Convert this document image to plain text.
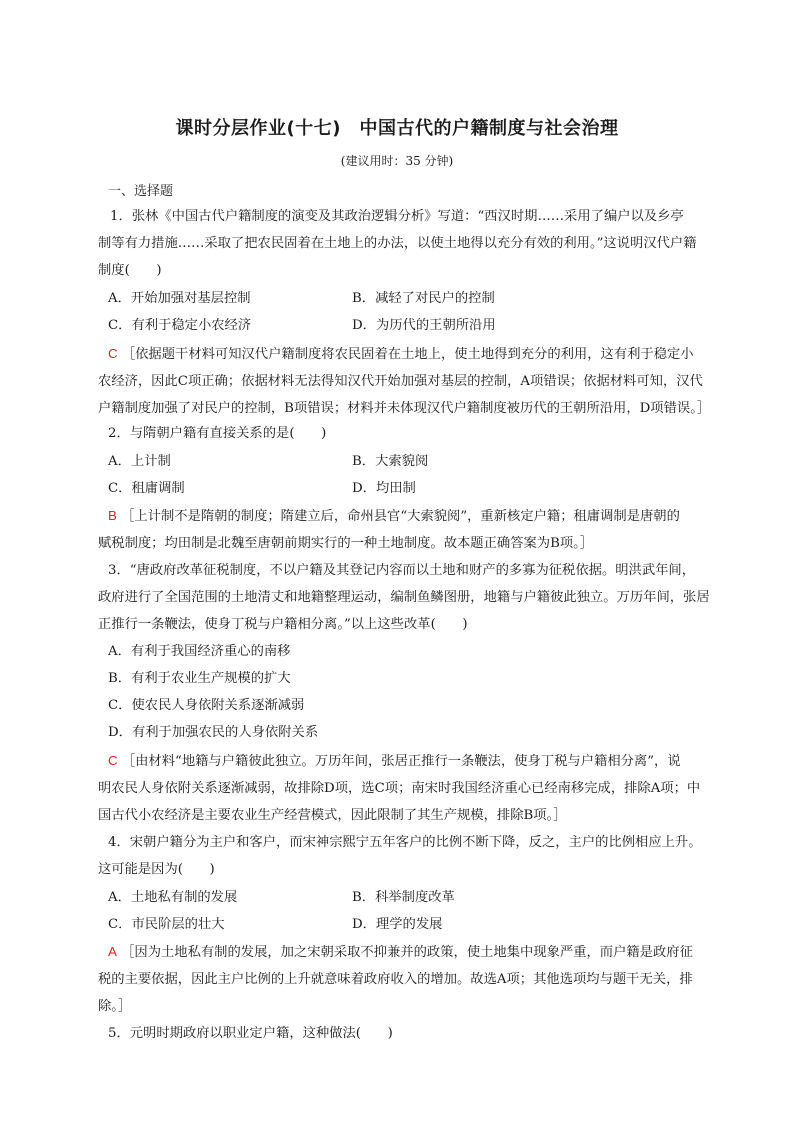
课时分层作业(十七)　中国古代的户籍制度与社会治理
(建议用时：35 分钟)
一、选择题
1．张林《中国古代户籍制度的演变及其政治逻辑分析》写道：“西汉时期……采用了编户以及乡亭
制等有力措施……采取了把农民固着在土地上的办法，以使土地得以充分有效的利用。”这说明汉代户籍
制度(　　)
A．开始加强对基层控制	B．减轻了对民户的控制
C．有利于稳定小农经济	D．为历代的王朝所沿用
C ［依据题干材料可知汉代户籍制度将农民固着在土地上，使土地得到充分的利用，这有利于稳定小
农经济，因此C项正确；依据材料无法得知汉代开始加强对基层的控制，A项错误；依据材料可知，汉代
户籍制度加强了对民户的控制，B项错误；材料并未体现汉代户籍制度被历代的王朝所沿用，D项错误。］
2．与隋朝户籍有直接关系的是(　　)
A．上计制	B．大索貌阅
C．租庸调制	D．均田制
B ［上计制不是隋朝的制度；隋建立后，命州县官“大索貌阅”，重新核定户籍；租庸调制是唐朝的
赋税制度；均田制是北魏至唐朝前期实行的一种土地制度。故本题正确答案为B项。］
3．“唐政府改革征税制度，不以户籍及其登记内容而以土地和财产的多寡为征税依据。明洪武年间，
政府进行了全国范围的土地清丈和地籍整理运动，编制鱼鳞图册，地籍与户籍彼此独立。万历年间，张居
正推行一条鞭法，使身丁税与户籍相分离。”以上这些改革(　　)
A．有利于我国经济重心的南移
B．有利于农业生产规模的扩大
C．使农民人身依附关系逐渐减弱
D．有利于加强农民的人身依附关系
C ［由材料“地籍与户籍彼此独立。万历年间，张居正推行一条鞭法，使身丁税与户籍相分离”，说
明农民人身依附关系逐渐减弱，故排除D项，选C项；南宋时我国经济重心已经南移完成，排除A项；中
国古代小农经济是主要农业生产经营模式，因此限制了其生产规模，排除B项。］
4．宋朝户籍分为主户和客户，而宋神宗熙宁五年客户的比例不断下降，反之，主户的比例相应上升。
这可能是因为(　　)
A．土地私有制的发展	B．科举制度改革
C．市民阶层的壮大	D．理学的发展
A ［因为土地私有制的发展，加之宋朝采取不抑兼并的政策，使土地集中现象严重，而户籍是政府征
税的主要依据，因此主户比例的上升就意味着政府收入的增加。故选A项；其他选项均与题干无关，排
除。］
5．元明时期政府以职业定户籍，这种做法(　　)
